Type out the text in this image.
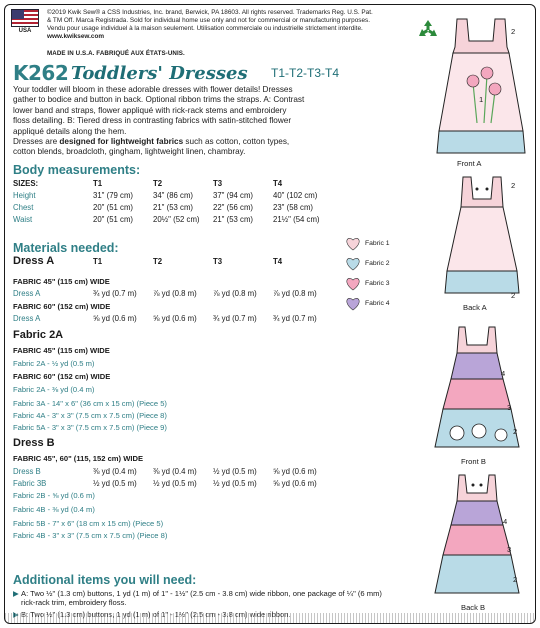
USA
©2019 Kwik Sew® a CSS Industries, Inc. brand, Berwick, PA 18603. All rights reserved. Trademarks Reg. U.S. Pat.
& TM Off. Marca Registrada. Sold for individual home use only and not for commercial or manufacturing purposes.
Vendu pour usage individuel à la maison seulement. Utilisation commerciale ou industrielle strictement interdite.
www.kwiksew.com
MADE IN U.S.A. FABRIQUÉ AUX ÉTATS-UNIS.
K262 Toddlers' Dresses T1-T2-T3-T4
Your toddler will bloom in these adorable dresses with flower details! Dresses gather to bodice and button in back. Optional ribbon trims the straps. A: Contrast lower band and straps, flower appliqué with rick-rack stems and embroidery floss detailing. B: Tiered dress in contrasting fabrics with satin-stitched flower appliqué details along the hem.
Dresses are designed for lightweight fabrics such as cotton, cotton types, cotton blends, broadcloth, gingham, lightweight linen, chambray.
Body measurements:
SIZES:	T1	T2	T3	T4
Height	31" (79 cm)	34" (86 cm)	37" (94 cm)	40" (102 cm)
Chest	20" (51 cm)	21" (53 cm)	22" (56 cm)	23" (58 cm)
Waist	20" (51 cm)	20½" (52 cm) 21" (53 cm)	21½" (54 cm)
Materials needed:
Dress A	T1	T2	T3	T4
FABRIC 45" (115 cm) WIDE
Dress A	¾ yd (0.7 m) ⅞ yd (0.8 m) ⅞ yd (0.8 m) ⅞ yd (0.8 m)
FABRIC 60" (152 cm) WIDE
Dress A	⅝ yd (0.6 m) ⅝ yd (0.6 m) ¾ yd (0.7 m) ¾ yd (0.7 m)
Fabric 2A
FABRIC 45" (115 cm) WIDE
Fabric 2A - ½ yd (0.5 m)
FABRIC 60" (152 cm) WIDE
Fabric 2A - ⅜ yd (0.4 m)
Fabric 3A - 14" x 6" (36 cm x 15 cm) (Piece 5)
Fabric 4A - 3" x 3" (7.5 cm x 7.5 cm) (Piece 8)
Fabric 5A - 3" x 3" (7.5 cm x 7.5 cm) (Piece 9)
Dress B
FABRIC 45", 60" (115, 152 cm) WIDE
Dress B	⅜ yd (0.4 m) ⅜ yd (0.4 m) ½ yd (0.5 m) ⅝ yd (0.6 m)
Fabric 3B	½ yd (0.5 m) ½ yd (0.5 m) ½ yd (0.5 m) ⅝ yd (0.6 m)
Fabric 2B - ⅝ yd (0.6 m)
Fabric 4B - ⅜ yd (0.4 m)
Fabric 5B - 7" x 6" (18 cm x 15 cm) (Piece 5)
Fabric 4B - 3" x 3" (7.5 cm x 7.5 cm) (Piece 8)
Fabric 1
Fabric 2
Fabric 3
Fabric 4
Additional items you will need:
▶ A: Two ½" (1.3 cm) buttons, 1 yd (1 m) of 1" - 1½" (2.5 cm - 3.8 cm) wide ribbon, one package of ¼" (6 mm) rick-rack trim, embroidery floss.
▶ B: Two ½" (1.3 cm) buttons, 1 yd (1 m) of 1" - 1½" (2.5 cm - 3.8 cm) wide ribbon.
2
1
Front A
2
2
Back A
4
3
2
Front B
4
3
2
Back B
